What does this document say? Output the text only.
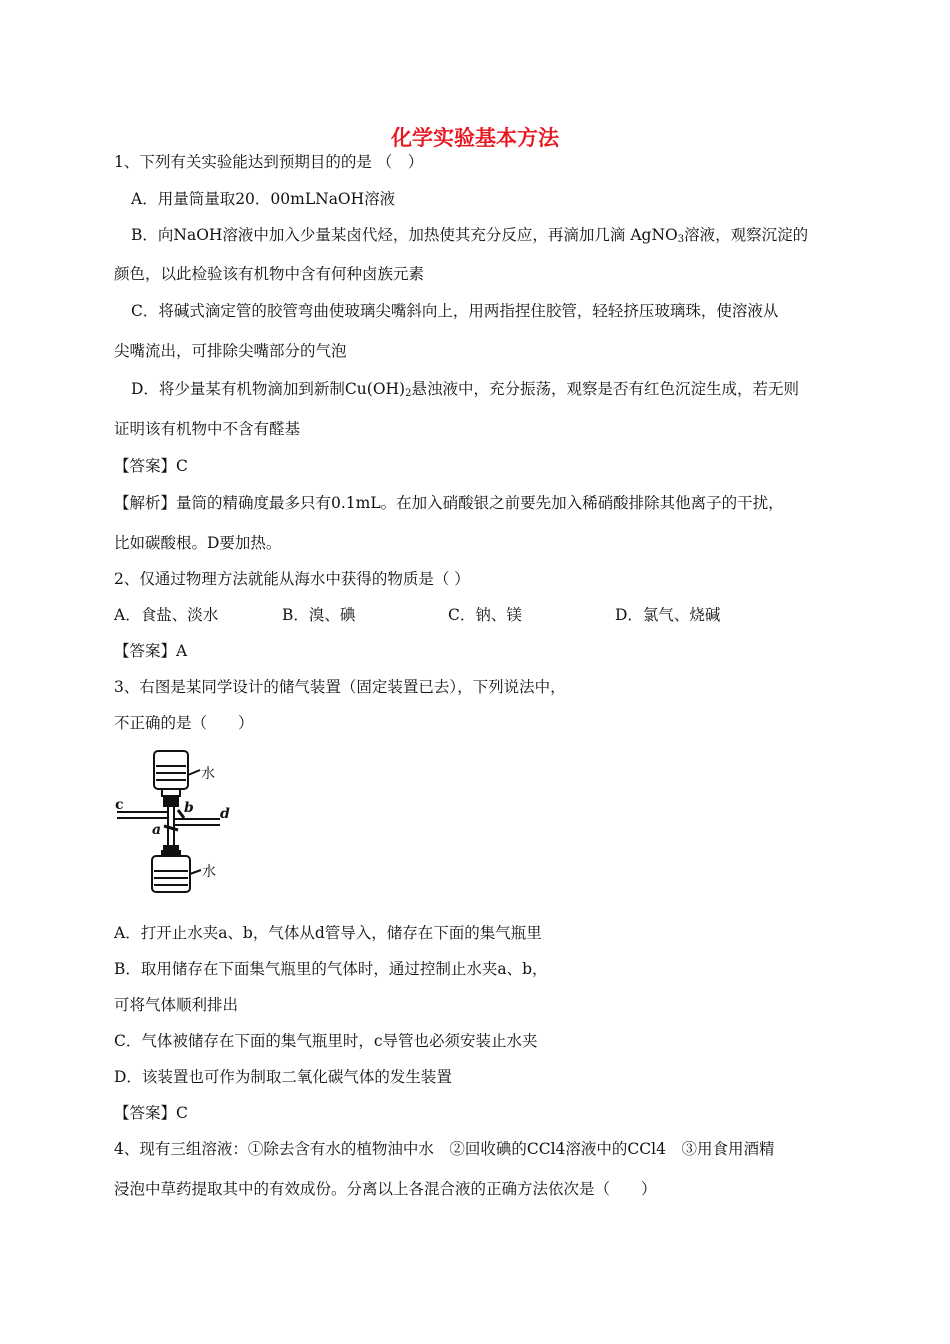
化学实验基本方法
1、下列有关实验能达到预期目的的是 （　）
A．用量筒量取20．00mLNaOH溶液
B．向NaOH溶液中加入少量某卤代烃，加热使其充分反应，再滴加几滴 AgNO$_3$溶液，观察沉淀的
颜色，以此检验该有机物中含有何种卤族元素
C．将碱式滴定管的胶管弯曲使玻璃尖嘴斜向上，用两指捏住胶管，轻轻挤压玻璃珠，使溶液从
尖嘴流出，可排除尖嘴部分的气泡
D．将少量某有机物滴加到新制$Cu(OH)_2$悬浊液中，充分振荡，观察是否有红色沉淀生成，若无则
证明该有机物中不含有醛基
【答案】C
【解析】量筒的精确度最多只有0.1mL。在加入硝酸银之前要先加入稀硝酸排除其他离子的干扰，
比如碳酸根。D要加热。
2、仅通过物理方法就能从海水中获得的物质是（ ）
A．食盐、淡水	B．溴、碘	C．钠、镁	D．氯气、烧碱
【答案】A
3、右图是某同学设计的储气装置（固定装置已去），下列说法中，
不正确的是（　　）
水
水
c	b d
a
A．打开止水夹a、b，气体从d管导入，储存在下面的集气瓶里
B．取用储存在下面集气瓶里的气体时，通过控制止水夹a、b，
可将气体顺利排出
C．气体被储存在下面的集气瓶里时，c导管也必须安装止水夹
D．该装置也可作为制取二氧化碳气体的发生装置
【答案】C
4、现有三组溶液：①除去含有水的植物油中水　②回收碘的CCl4溶液中的CCl4　③用食用酒精
浸泡中草药提取其中的有效成份。分离以上各混合液的正确方法依次是（　　）
